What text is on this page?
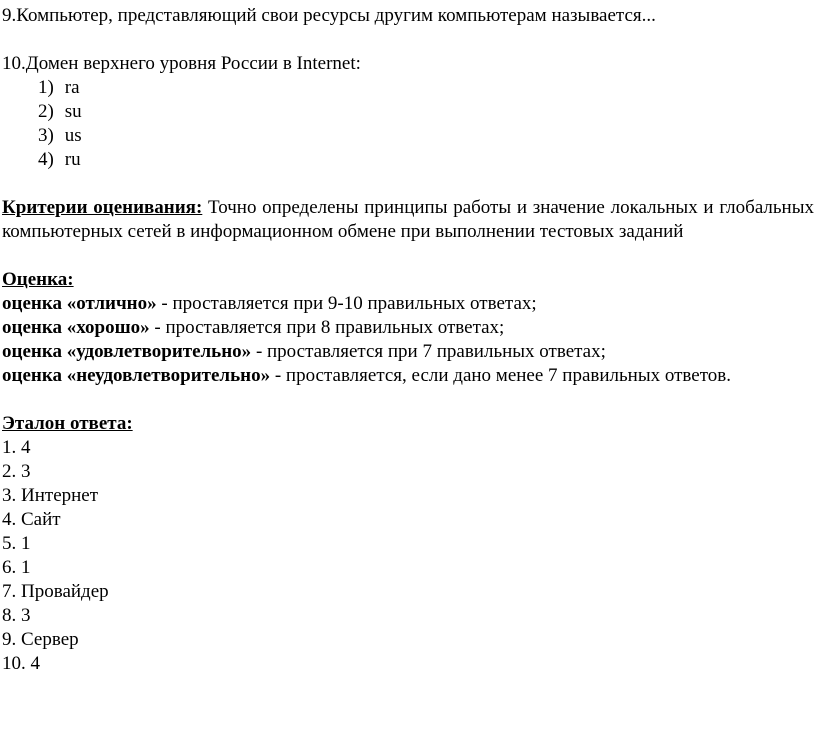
9.Компьютер, представляющий свои ресурсы другим компьютерам называется...
10.Домен верхнего уровня России в Internet:
1) ra
2) su
3) us
4) ru
Критерии оценивания: Точно определены принципы работы и значение локальных и глобальных компьютерных сетей в информационном обмене при выполнении тестовых заданий
Оценка:
оценка «отлично» - проставляется при 9-10 правильных ответах;
оценка «хорошо» - проставляется при 8 правильных ответах;
оценка «удовлетворительно» - проставляется при 7 правильных ответах;
оценка «неудовлетворительно» - проставляется, если дано менее 7 правильных ответов.
Эталон ответа:
1. 4
2. 3
3. Интернет
4. Сайт
5. 1
6. 1
7. Провайдер
8. 3
9. Сервер
10. 4
